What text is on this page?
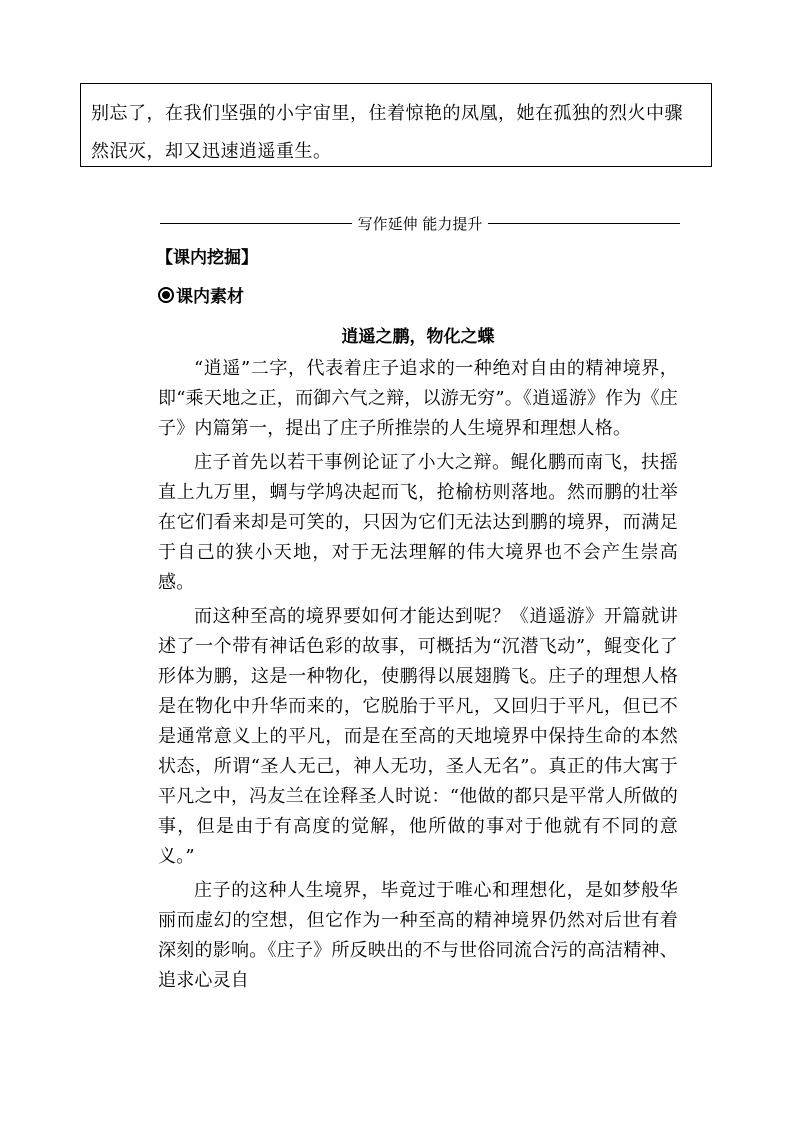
别忘了，在我们坚强的小宇宙里，住着惊艳的凤凰，她在孤独的烈火中骤然泯灭，却又迅速逍遥重生。
写作延伸 能力提升
【课内挖掘】
课内素材
逍遥之鹏，物化之蝶

“逍遥”二字，代表着庄子追求的一种绝对自由的精神境界，即“乘天地之正，而御六气之辩，以游无穷”。《逍遥游》作为《庄子》内篇第一，提出了庄子所推崇的人生境界和理想人格。

庄子首先以若干事例论证了小大之辩。鲲化鹏而南飞，扶摇直上九万里，蜩与学鸠决起而飞，抢榆枋则落地。然而鹏的壮举在它们看来却是可笑的，只因为它们无法达到鹏的境界，而满足于自己的狭小天地，对于无法理解的伟大境界也不会产生崇高感。

而这种至高的境界要如何才能达到呢？《逍遥游》开篇就讲述了一个带有神话色彩的故事，可概括为“沉潜飞动”，鲲变化了形体为鹏，这是一种物化，使鹏得以展翅腾飞。庄子的理想人格是在物化中升华而来的，它脱胎于平凡，又回归于平凡，但已不是通常意义上的平凡，而是在至高的天地境界中保持生命的本然状态，所谓“圣人无己，神人无功，圣人无名”。真正的伟大寓于平凡之中，冯友兰在诠释圣人时说：“他做的都只是平常人所做的事，但是由于有高度的觉解，他所做的事对于他就有不同的意义。”

庄子的这种人生境界，毕竟过于唯心和理想化，是如梦般华丽而虚幻的空想，但它作为一种至高的精神境界仍然对后世有着深刻的影响。《庄子》所反映出的不与世俗同流合污的高洁精神、追求心灵自
